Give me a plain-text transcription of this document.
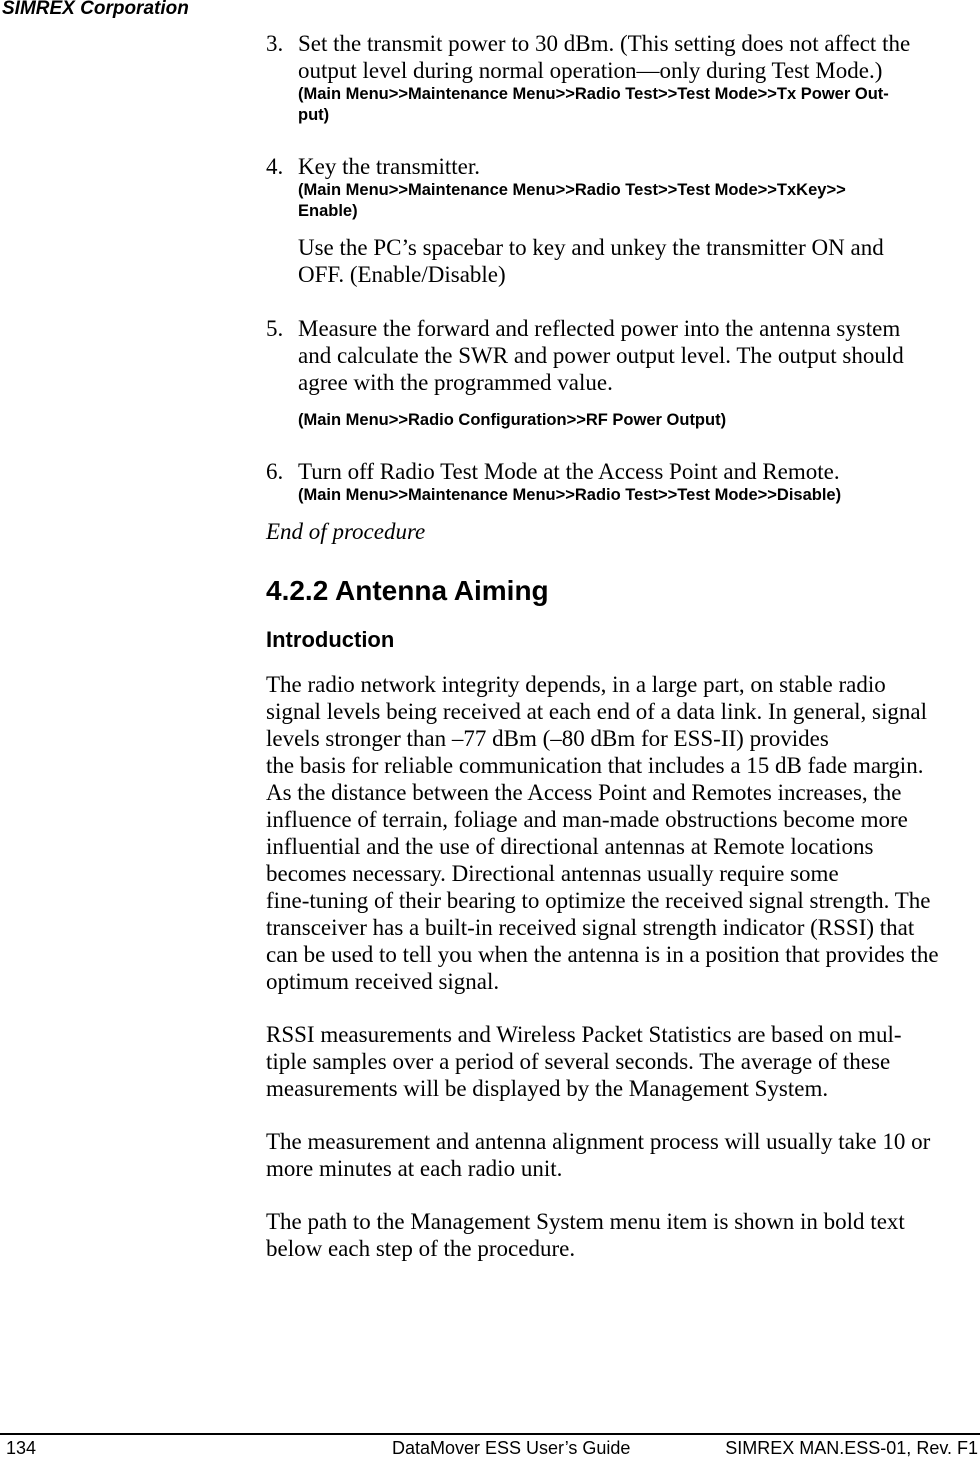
SIMREX Corporation
3. Set the transmit power to 30 dBm. (This setting does not affect the
output level during normal operation—only during Test Mode.)
(Main Menu>>Maintenance Menu>>Radio Test>>Test Mode>>Tx Power Out-
put)
4. Key the transmitter.
(Main Menu>>Maintenance Menu>>Radio Test>>Test Mode>>TxKey>>
Enable)
Use the PC’s spacebar to key and unkey the transmitter ON and
OFF. (Enable/Disable)
5. Measure the forward and reflected power into the antenna system
and calculate the SWR and power output level. The output should
agree with the programmed value.
(Main Menu>>Radio Configuration>>RF Power Output)
6. Turn off Radio Test Mode at the Access Point and Remote.
(Main Menu>>Maintenance Menu>>Radio Test>>Test Mode>>Disable)
End of procedure
4.2.2 Antenna Aiming
Introduction
The radio network integrity depends, in a large part, on stable radio
signal levels being received at each end of a data link. In general, signal
levels stronger than –77 dBm (–80 dBm for ESS-II) provides
the basis for reliable communication that includes a 15 dB fade margin.
As the distance between the Access Point and Remotes increases, the
influence of terrain, foliage and man-made obstructions become more
influential and the use of directional antennas at Remote locations
becomes necessary. Directional antennas usually require some
fine-tuning of their bearing to optimize the received signal strength. The
transceiver has a built-in received signal strength indicator (RSSI) that
can be used to tell you when the antenna is in a position that provides the
optimum received signal.
RSSI measurements and Wireless Packet Statistics are based on mul-
tiple samples over a period of several seconds. The average of these
measurements will be displayed by the Management System.
The measurement and antenna alignment process will usually take 10 or
more minutes at each radio unit.
The path to the Management System menu item is shown in bold text
below each step of the procedure.
134	DataMover ESS User’s Guide	SIMREX MAN.ESS-01, Rev. F1
